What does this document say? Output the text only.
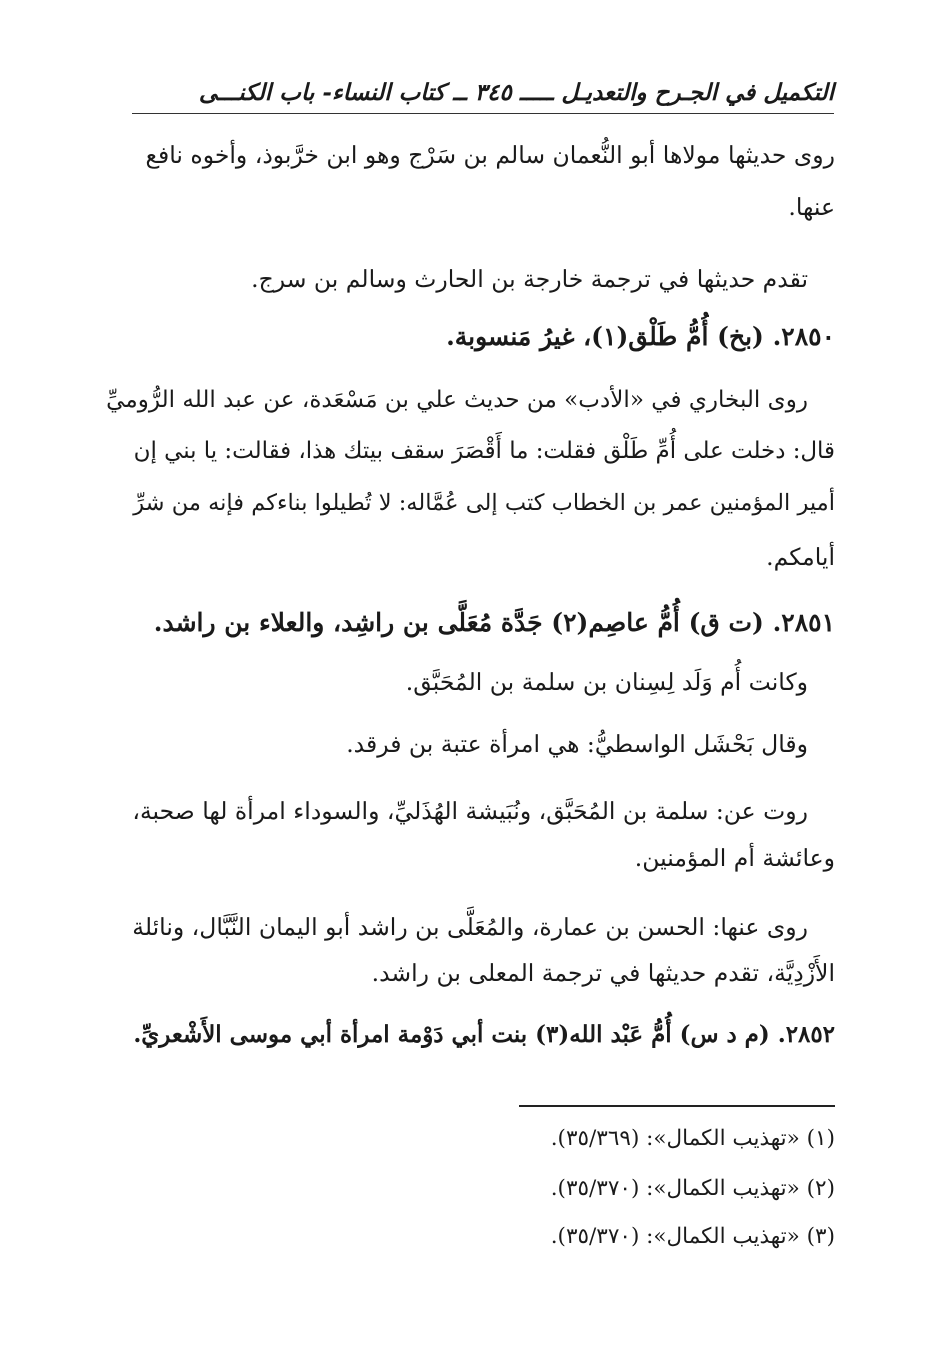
التكميل في الجـرح والتعديـل ـــــ ٣٤٥ ــ كتاب النساء- باب الكنـــى
روى حديثها مولاها أبو النُّعمان سالم بن سَرْج وهو ابن خرَّبوذ، وأخوه نافع
عنها.
تقدم حديثها في ترجمة خارجة بن الحارث وسالم بن سرج.
٢٨٥٠. (بخ) أُمُّ طَلْق(١)، غيرُ مَنسوبة.
روى البخاري في «الأدب» من حديث علي بن مَسْعَدة، عن عبد الله الرُّوميِّ
قال: دخلت على أُمِّ طَلْق فقلت: ما أَقْصَرَ سقف بيتك هذا، فقالت: يا بني إن
أمير المؤمنين عمر بن الخطاب كتب إلى عُمَّاله: لا تُطيلوا بناءكم فإنه من شرِّ
أيامكم.
٢٨٥١. (ت ق) أُمُّ عاصِم(٢) جَدَّة مُعَلَّى بن راشِد، والعلاء بن راشد.
وكانت أُم وَلَد لِسِنان بن سلمة بن المُحَبَّق.
وقال بَحْشَل الواسطيُّ: هي امرأة عتبة بن فرقد.
روت عن: سلمة بن المُحَبَّق، ونُبَيشة الهُذَليِّ، والسوداء امرأة لها صحبة،
وعائشة أم المؤمنين.
روى عنها: الحسن بن عمارة، والمُعَلَّى بن راشد أبو اليمان النَّبَّال، ونائلة
الأَزْدِيَّة، تقدم حديثها في ترجمة المعلى بن راشد.
٢٨٥٢. (م د س) أُمُّ عَبْد الله(٣) بنت أبي دَوْمة امرأة أبي موسى الأَشْعريِّ.
(١) «تهذيب الكمال»: (٣٥/٣٦٩).
(٢) «تهذيب الكمال»: (٣٥/٣٧٠).
(٣) «تهذيب الكمال»: (٣٥/٣٧٠).
